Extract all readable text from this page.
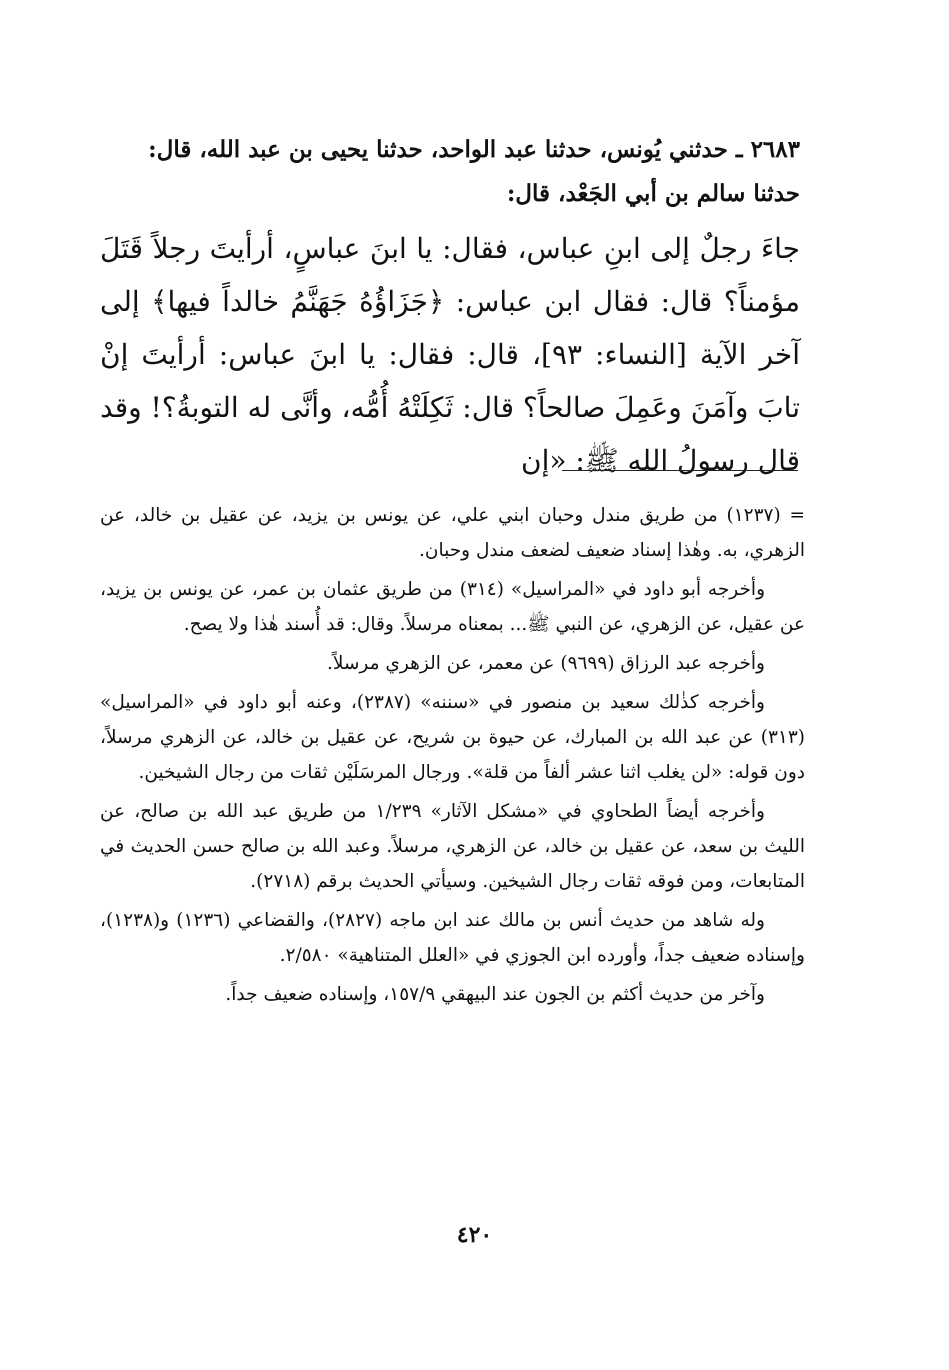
٢٦٨٣ ـ حدثني يُونس، حدثنا عبد الواحد، حدثنا يحيى بن عبد الله، قال: حدثنا سالم بن أبي الجَعْد، قال:

جاءَ رجلٌ إلى ابنِ عباس، فقال: يا ابنَ عباسٍ، أرأيتَ رجلاً قَتَلَ مؤمناً؟ قال: فقال ابن عباس: ﴿جَزَاؤُهُ جَهَنَّمُ خالداً فيها﴾ إلى آخر الآية [النساء: ٩٣]، قال: فقال: يا ابنَ عباس: أرأيتَ إنْ تابَ وآمَنَ وعَمِلَ صالحاً؟ قال: ثَكِلَتْهُ أُمُّه، وأنَّى له التوبةُ؟! وقد قال رسولُ الله ﷺ: «إن

= (١٢٣٧) من طريق مندل وحبان ابني علي، عن يونس بن يزيد، عن عقيل بن خالد، عن الزهري، به. وهٰذا إسناد ضعيف لضعف مندل وحبان.

وأخرجه أبو داود في «المراسيل» (٣١٤) من طريق عثمان بن عمر، عن يونس بن يزيد، عن عقيل، عن الزهري، عن النبي ﷺ... بمعناه مرسلاً. وقال: قد أُسند هٰذا ولا يصح.

وأخرجه عبد الرزاق (٩٦٩٩) عن معمر، عن الزهري مرسلاً.

وأخرجه كذٰلك سعيد بن منصور في «سننه» (٢٣٨٧)، وعنه أبو داود في «المراسيل» (٣١٣) عن عبد الله بن المبارك، عن حيوة بن شريح، عن عقيل بن خالد، عن الزهري مرسلاً، دون قوله: «لن يغلب اثنا عشر ألفاً من قلة». ورجال المرسَلَيْن ثقات من رجال الشيخين.

وأخرجه أيضاً الطحاوي في «مشكل الآثار» ١/٢٣٩ من طريق عبد الله بن صالح، عن الليث بن سعد، عن عقيل بن خالد، عن الزهري، مرسلاً. وعبد الله بن صالح حسن الحديث في المتابعات، ومن فوقه ثقات رجال الشيخين. وسيأتي الحديث برقم (٢٧١٨).

وله شاهد من حديث أنس بن مالك عند ابن ماجه (٢٨٢٧)، والقضاعي (١٢٣٦) و(١٢٣٨)، وإسناده ضعيف جداً، وأورده ابن الجوزي في «العلل المتناهية» ٢/٥٨٠.

وآخر من حديث أكثم بن الجون عند البيهقي ١٥٧/٩، وإسناده ضعيف جداً.

٤٢٠
